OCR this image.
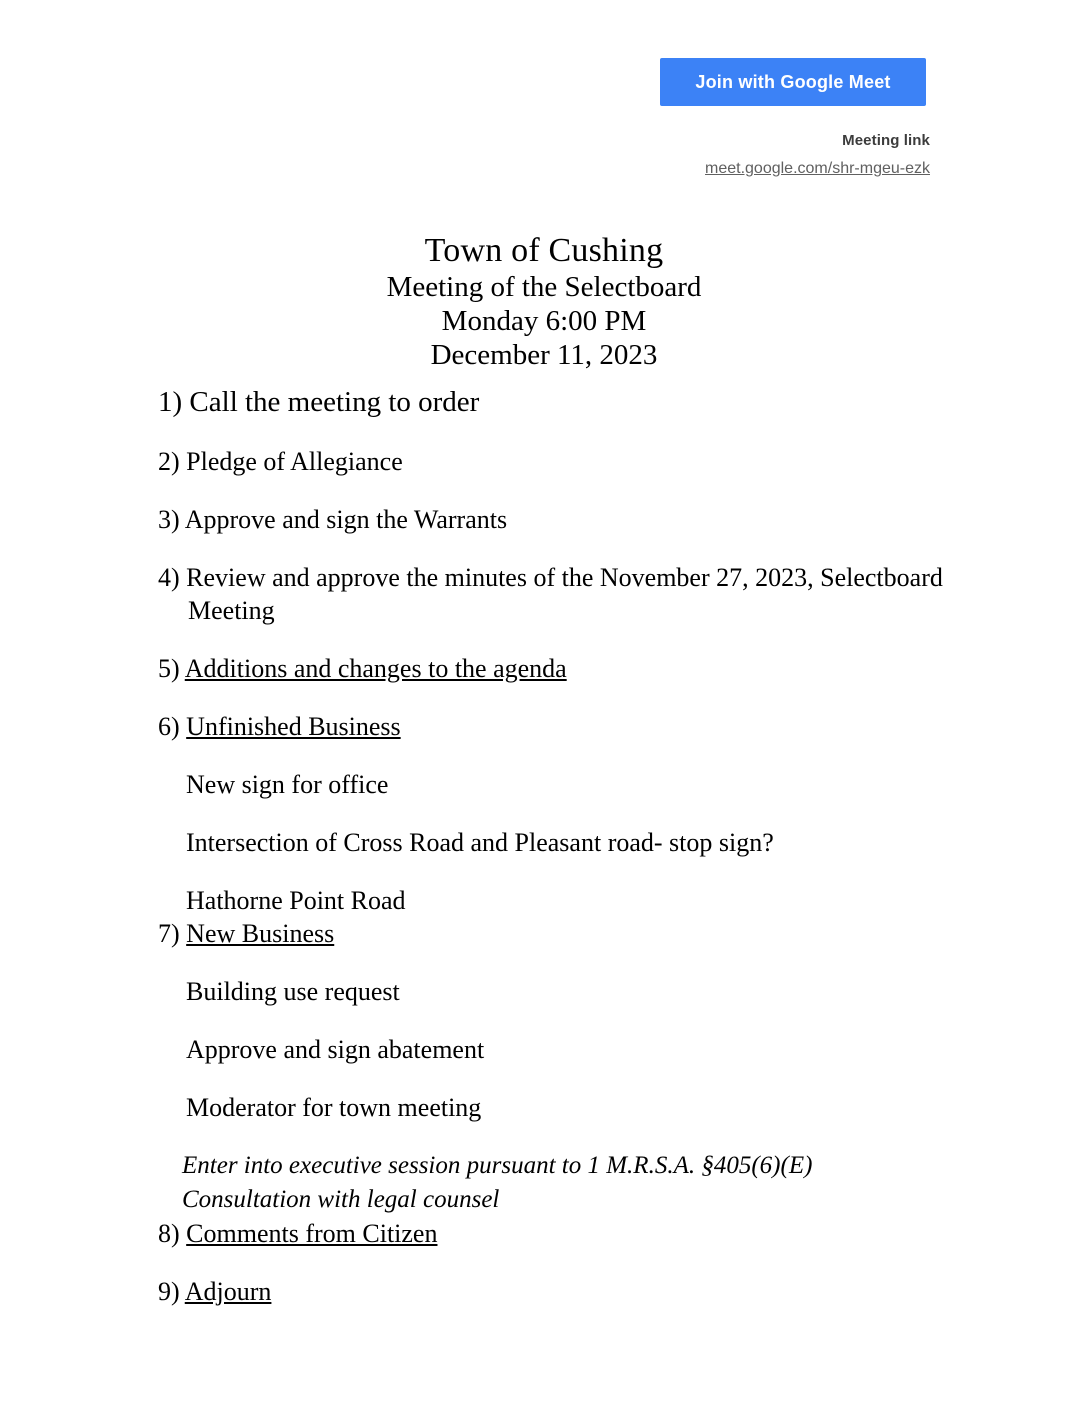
Join with Google Meet
Meeting link
meet.google.com/shr-mgeu-ezk
Town of Cushing
Meeting of the Selectboard
Monday 6:00 PM
December 11, 2023
1) Call the meeting to order
2) Pledge of Allegiance
3) Approve and sign the Warrants
4) Review and approve the minutes of the November 27, 2023, Selectboard
Meeting
5) Additions and changes to the agenda
6) Unfinished Business
New sign for office
Intersection of Cross Road and Pleasant road- stop sign?
Hathorne Point Road
7) New Business
Building use request
Approve and sign abatement
Moderator for town meeting
Enter into executive session pursuant to 1 M.R.S.A. §405(6)(E)
Consultation with legal counsel
8) Comments from Citizen
9) Adjourn
